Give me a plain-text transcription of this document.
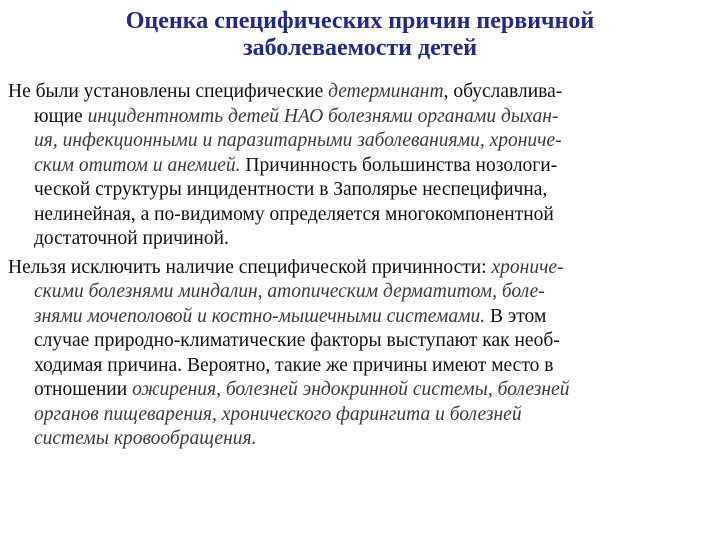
Оценка специфических причин первичной
заболеваемости детей
Не были установлены специфические детерминант, обуславлива-
ющие инцидентномть детей НАО болезнями органами дыхан-
ия, инфекционными и паразитарными заболеваниями, хрониче-
ским отитом и анемией. Причинность большинства нозологи-
ческой структуры инцидентности в Заполярье неспецифична,
нелинейная, а по-видимому определяется многокомпонентной
достаточной причиной.
Нельзя исключить наличие специфической причинности: хрониче-
скими болезнями миндалин, атопическим дерматитом, боле-
знями мочеполовой и костно-мышечными системами. В этом
случае природно-климатические факторы выступают как необ-
ходимая причина. Вероятно, такие же причины имеют место в
отношении ожирения, болезней эндокринной системы, болезней
органов пищеварения, хронического фарингита и болезней
системы кровообращения.
